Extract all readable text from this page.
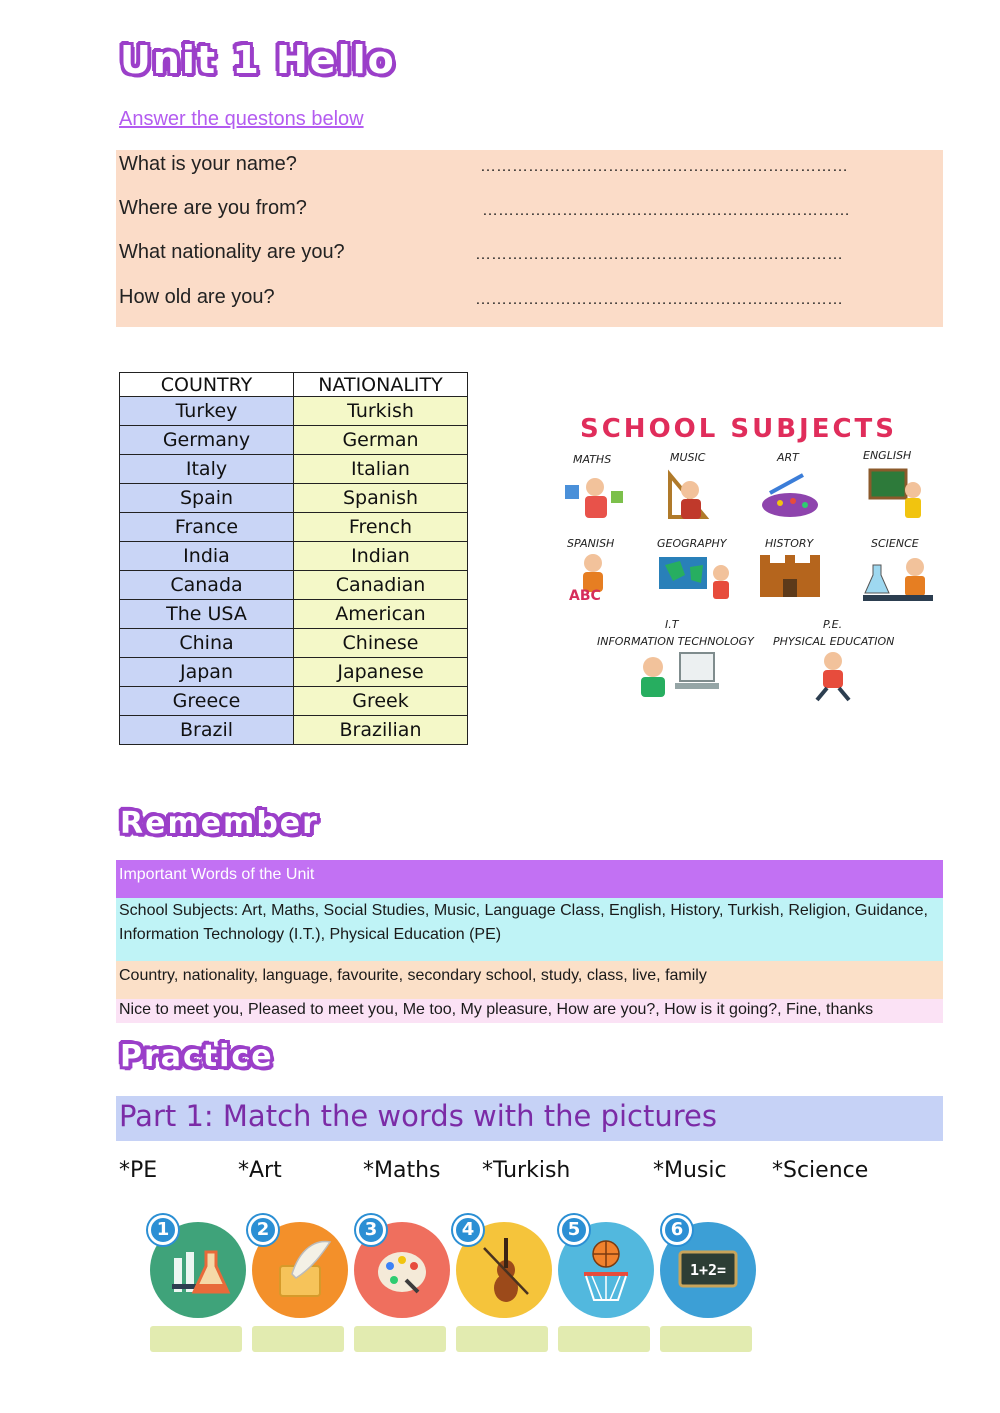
Unit 1 Hello
Answer the questons below
What is your name?	……………………………………………………………
Where are you from?	……………………………………………………………
What nationality are you?	……………………………………………………………
How old are you?	……………………………………………………………
COUNTRY	NATIONALITY
Turkey	Turkish
Germany	German
Italy	Italian
Spain	Spanish
France	French
India	Indian
Canada	Canadian
The USA	American
China	Chinese
Japan	Japanese
Greece	Greek
Brazil	Brazilian
SCHOOL SUBJECTS
MATHS	MUSIC	ART	ENGLISH
SPANISH
ABC
GEOGRAPHY	HISTORY	SCIENCE
I.T
INFORMATION TECHNOLOGY
P.E.
PHYSICAL EDUCATION
Remember
Important Words of the Unit
School Subjects: Art, Maths, Social Studies, Music, Language Class, English, History, Turkish, Religion, Guidance, Information Technology (I.T.), Physical Education (PE)
Country, nationality, language, favourite, secondary school, study, class, live, family
Nice to meet you, Pleased to meet you, Me too, My pleasure, How are you?, How is it going?, Fine, thanks
Practice
Part 1: Match the words with the pictures
*PE	*Art	*Maths *Turkish	*Music *Science
1	2	3	4	5
1+2=
6
